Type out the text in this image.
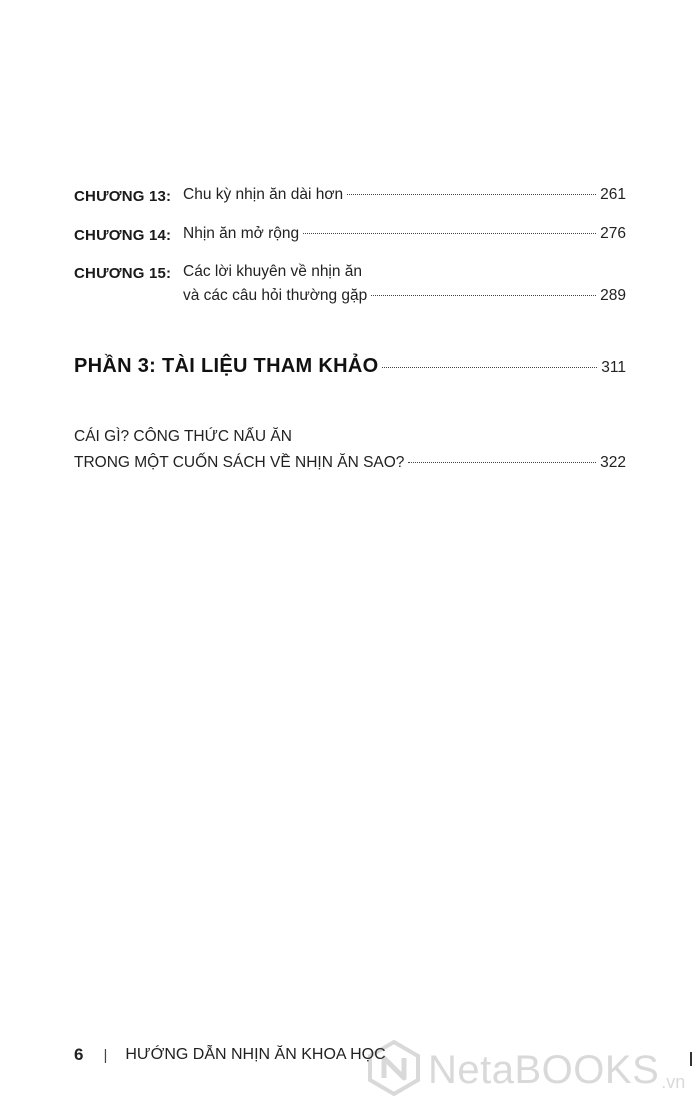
CHƯƠNG 13: Chu kỳ nhịn ăn dài hơn	261
CHƯƠNG 14: Nhịn ăn mở rộng	276
CHƯƠNG 15: Các lời khuyên về nhịn ăn
và các câu hỏi thường gặp	289
PHẦN 3: TÀI LIỆU THAM KHẢO	311
CÁI GÌ? CÔNG THỨC NẤU ĂN
TRONG MỘT CUỐN SÁCH VỀ NHỊN ĂN SAO?	322
6 | HƯỚNG DẪN NHỊN ĂN KHOA HỌC NetaBOOKS .vn
